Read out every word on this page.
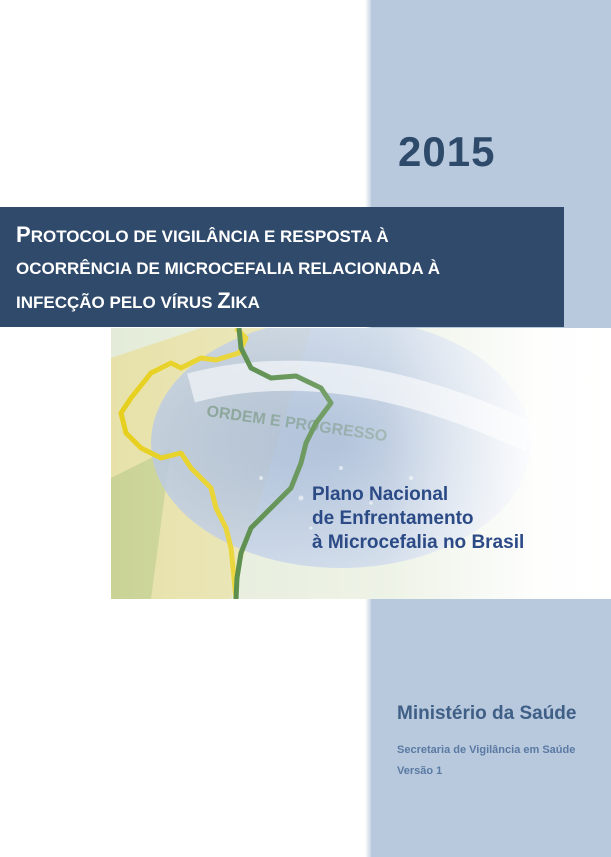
2015
PROTOCOLO DE VIGILÂNCIA E RESPOSTA À
OCORRÊNCIA DE MICROCEFALIA RELACIONADA À
INFECÇÃO PELO VÍRUS ZIKA
Plano Nacional
de Enfrentamento
à Microcefalia no Brasil
Ministério da Saúde
Secretaria de Vigilância em Saúde
Versão 1
